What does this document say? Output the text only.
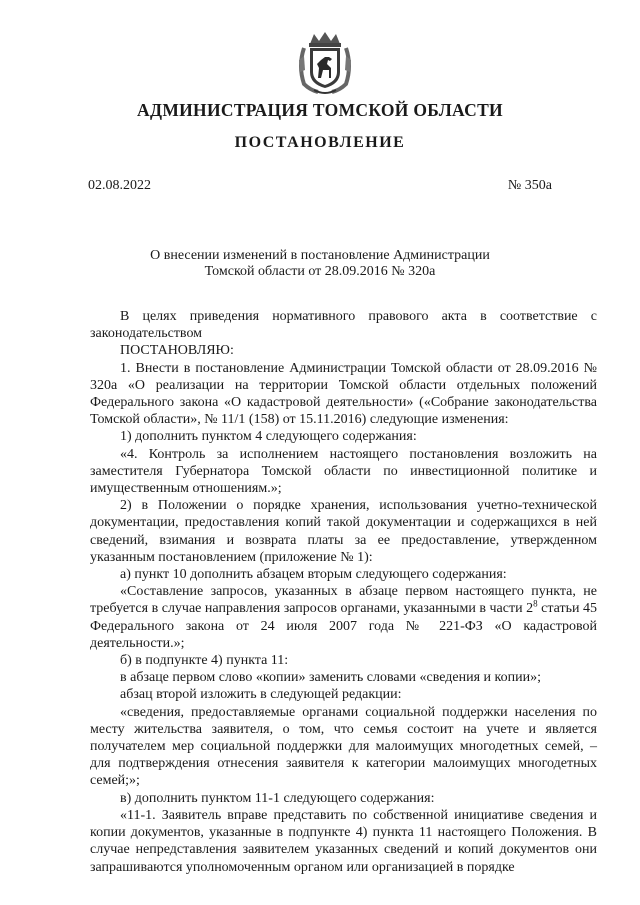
АДМИНИСТРАЦИЯ ТОМСКОЙ ОБЛАСТИ
ПОСТАНОВЛЕНИЕ
02.08.2022	№ 350а
О внесении изменений в постановление Администрации
Томской области от 28.09.2016 № 320а

В целях приведения нормативного правового акта в соответствие с законодательством

ПОСТАНОВЛЯЮ:

1. Внести в постановление Администрации Томской области от 28.09.2016 № 320а «О реализации на территории Томской области отдельных положений Федерального закона «О кадастровой деятельности» («Собрание законодательства Томской области», № 11/1 (158) от 15.11.2016) следующие изменения:

1) дополнить пунктом 4 следующего содержания:

«4. Контроль за исполнением настоящего постановления возложить на заместителя Губернатора Томской области по инвестиционной политике и имущественным отношениям.»;

2) в Положении о порядке хранения, использования учетно-технической документации, предоставления копий такой документации и содержащихся в ней сведений, взимания и возврата платы за ее предоставление, утвержденном указанным постановлением (приложение № 1):

а) пункт 10 дополнить абзацем вторым следующего содержания:

«Составление запросов, указанных в абзаце первом настоящего пункта, не требуется в случае направления запросов органами, указанными в части $2^8$ статьи 45 Федерального закона от 24 июля 2007 года № 221-ФЗ «О кадастровой деятельности.»;

б) в подпункте 4) пункта 11:

в абзаце первом слово «копии» заменить словами «сведения и копии»;

абзац второй изложить в следующей редакции:

«сведения, предоставляемые органами социальной поддержки населения по месту жительства заявителя, о том, что семья состоит на учете и является получателем мер социальной поддержки для малоимущих многодетных семей, – для подтверждения отнесения заявителя к категории малоимущих многодетных семей;»;

в) дополнить пунктом 11-1 следующего содержания:

«11-1. Заявитель вправе представить по собственной инициативе сведения и копии документов, указанные в подпункте 4) пункта 11 настоящего Положения. В случае непредставления заявителем указанных сведений и копий документов они запрашиваются уполномоченным органом или организацией в порядке
